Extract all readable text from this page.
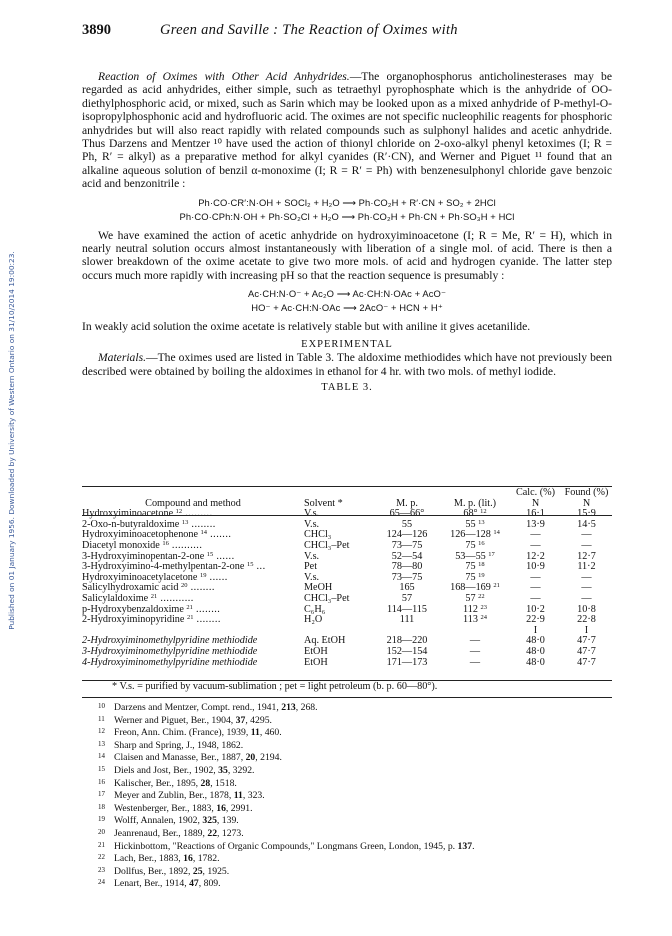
Published on 01 January 1956. Downloaded by University of Western Ontario on 31/10/2014 19:00:23.
3890	Green and Saville : The Reaction of Oximes with

Reaction of Oximes with Other Acid Anhydrides.—The organophosphorus anticholinesterases may be regarded as acid anhydrides, either simple, such as tetraethyl pyrophosphate which is the anhydride of OO-diethylphosphoric acid, or mixed, such as Sarin which may be looked upon as a mixed anhydride of P-methyl-O-isopropylphosphonic acid and hydrofluoric acid. The oximes are not specific nucleophilic reagents for phosphoric anhydrides but will also react rapidly with related compounds such as sulphonyl halides and acetic anhydride. Thus Darzens and Mentzer ¹⁰ have used the action of thionyl chloride on 2-oxo-alkyl phenyl ketoximes (I; R = Ph, R′ = alkyl) as a preparative method for alkyl cyanides (R′·CN), and Werner and Piguet ¹¹ found that an alkaline aqueous solution of benzil α-monoxime (I; R = R′ = Ph) with benzenesulphonyl chloride gave benzoic acid and benzonitrile :

Ph·CO·CR′:N·OH + SOCl₂ + H₂O ⟶ Ph·CO₂H + R′·CN + SO₂ + 2HCl
Ph·CO·CPh:N·OH + Ph·SO₂Cl + H₂O ⟶ Ph·CO₂H + Ph·CN + Ph·SO₃H + HCl

We have examined the action of acetic anhydride on hydroxyiminoacetone (I; R = Me, R′ = H), which in nearly neutral solution occurs almost instantaneously with liberation of a single mol. of acid. There is then a slower breakdown of the oxime acetate to give two more mols. of acid and hydrogen cyanide. The latter step occurs much more rapidly with increasing pH so that the reaction sequence is presumably :

Ac·CH:N·O⁻ + Ac₂O ⟶ Ac·CH:N·OAc + AcO⁻
HO⁻ + Ac·CH:N·OAc ⟶ 2AcO⁻ + HCN + H⁺

In weakly acid solution the oxime acetate is relatively stable but with aniline it gives acetanilide.

EXPERIMENTAL

Materials.—The oximes used are listed in Table 3. The aldoxime methiodides which have not previously been described were obtained by boiling the aldoximes in ethanol for 4 hr. with two mols. of methyl iodide.

TABLE 3.
				Calc. (%)	Found (%)
Compound and method	Solvent *	M. p.	M. p. (lit.)	N	N
Hydroxyiminoacetone $^{12}$ .........	V.s.	65—66°	68° $^{12}$	16·1	15·9
2-Oxo-n-butyraldoxime $^{13}$ ........	V.s.	55	55 $^{13}$	13·9	14·5
Hydroxyiminoacetophenone $^{14}$ .......	CHCl₃	124—126	126—128 $^{14}$	—	—
Diacetyl monoxide $^{16}$ ..........	CHCl₃–Pet	73—75	75 $^{16}$	—	—
3-Hydroxyiminopentan-2-one $^{15}$ ......	V.s.	52—54	53—55 $^{17}$	12·2	12·7
3-Hydroxyimino-4-methylpentan-2-one $^{15}$ ...	Pet	78—80	75 $^{18}$	10·9	11·2
Hydroxyiminoacetylacetone $^{19}$ ......	V.s.	73—75	75 $^{19}$	—	—
Salicylhydroxamic acid $^{20}$ ........	MeOH	165	168—169 $^{21}$	—	—
Salicylaldoxime $^{21}$ ...........	CHCl₃–Pet	57	57 $^{22}$	—	—
p-Hydroxybenzaldoxime $^{21}$ ........	C₆H₆	114—115	112 $^{23}$	10·2	10·8
2-Hydroxyiminopyridine $^{21}$ ........	H₂O	111	113 $^{24}$	22·9	22·8
				I	I
2-Hydroxyiminomethylpyridine methiodide	Aq. EtOH	218—220	—	48·0	47·7
3-Hydroxyiminomethylpyridine methiodide	EtOH	152—154	—	48·0	47·7
4-Hydroxyiminomethylpyridine methiodide	EtOH	171—173	—	48·0	47·7
* V.s. = purified by vacuum-sublimation ; pet = light petroleum (b. p. 60—80°).
10 Darzens and Mentzer, Compt. rend., 1941, 213, 268.
11 Werner and Piguet, Ber., 1904, 37, 4295.
12 Freon, Ann. Chim. (France), 1939, 11, 460.
13 Sharp and Spring, J., 1948, 1862.
14 Claisen and Manasse, Ber., 1887, 20, 2194.
15 Diels and Jost, Ber., 1902, 35, 3292.
16 Kalischer, Ber., 1895, 28, 1518.
17 Meyer and Zublin, Ber., 1878, 11, 323.
18 Westenberger, Ber., 1883, 16, 2991.
19 Wolff, Annalen, 1902, 325, 139.
20 Jeanrenaud, Ber., 1889, 22, 1273.
21 Hickinbottom, "Reactions of Organic Compounds," Longmans Green, London, 1945, p. 137.
22 Lach, Ber., 1883, 16, 1782.
23 Dollfus, Ber., 1892, 25, 1925.
24 Lenart, Ber., 1914, 47, 809.
